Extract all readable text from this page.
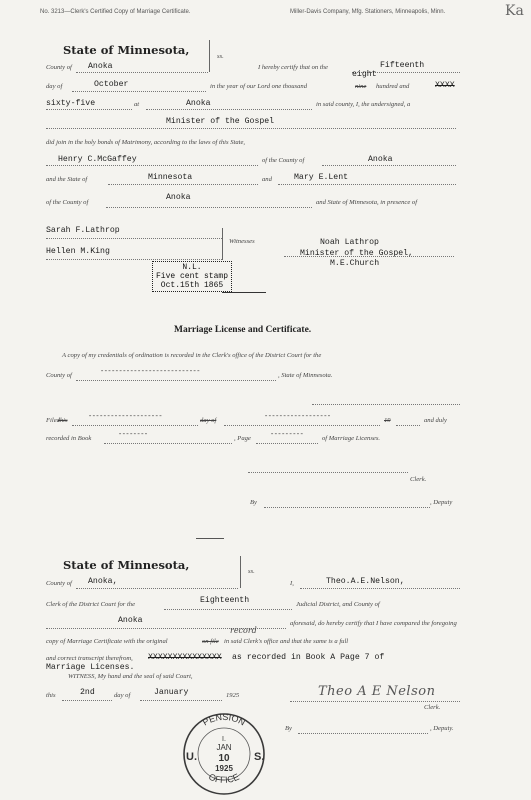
No. 3213—Clerk's Certified Copy of Marriage Certificate.	Miller-Davis Company, Mfg. Stationers, Minneapolis, Minn.	Ka
State of Minnesota,	ss.
County of Anoka	I hereby certify that on the	Fifteenth
day of	October	in the year of our Lord one thousand
eight
nine hundred and	XXXX
sixty-five	at	Anoka	in said county, I, the undersigned, a
Minister of the Gospel
did join in the holy bonds of Matrimony, according to the laws of this State,
Henry C.McGaffey	of the County of	Anoka
and the State of	Minnesota	and	Mary E.Lent
of the County of
Anoka
and State of Minnesota, in presence of
Sarah F.Lathrop
Hellen M.King
Witnesses	Noah Lathrop
Minister of the Gospel,
M.E.Church
N.L.
Five cent stamp
Oct.15th 1865
Marriage License and Certificate.
A copy of my credentials of ordination is recorded in the Clerk's office of the District Court for the
County of	---------------------------	, State of Minnesota.
Filed
this	--------------------	day of	------------------	19	and duly
recorded in Book	--------	, Page	---------	of Marriage Licenses.
Clerk.
By	, Deputy
State of Minnesota,	ss.
County of Anoka,	I,	Theo.A.E.Nelson,
Clerk of the District Court for the	Eighteenth	Judicial District, and County of
Anoka	aforesaid, do hereby certify that I have compared the foregoing
copy of Marriage Certificate with the original
record
on file in said Clerk's office and that the same is a full
and correct transcript therefrom, XXXXXXXXXXXXXXX as recorded in Book A Page 7 of
Marriage Licenses.
WITNESS, My hand and the seal of said Court,
this	2nd	day of	January	1925	Theo A E Nelson
Clerk.
By	, Deputy.
PENSION
OFFICE
U.	S.
I.
JAN
10
1925
